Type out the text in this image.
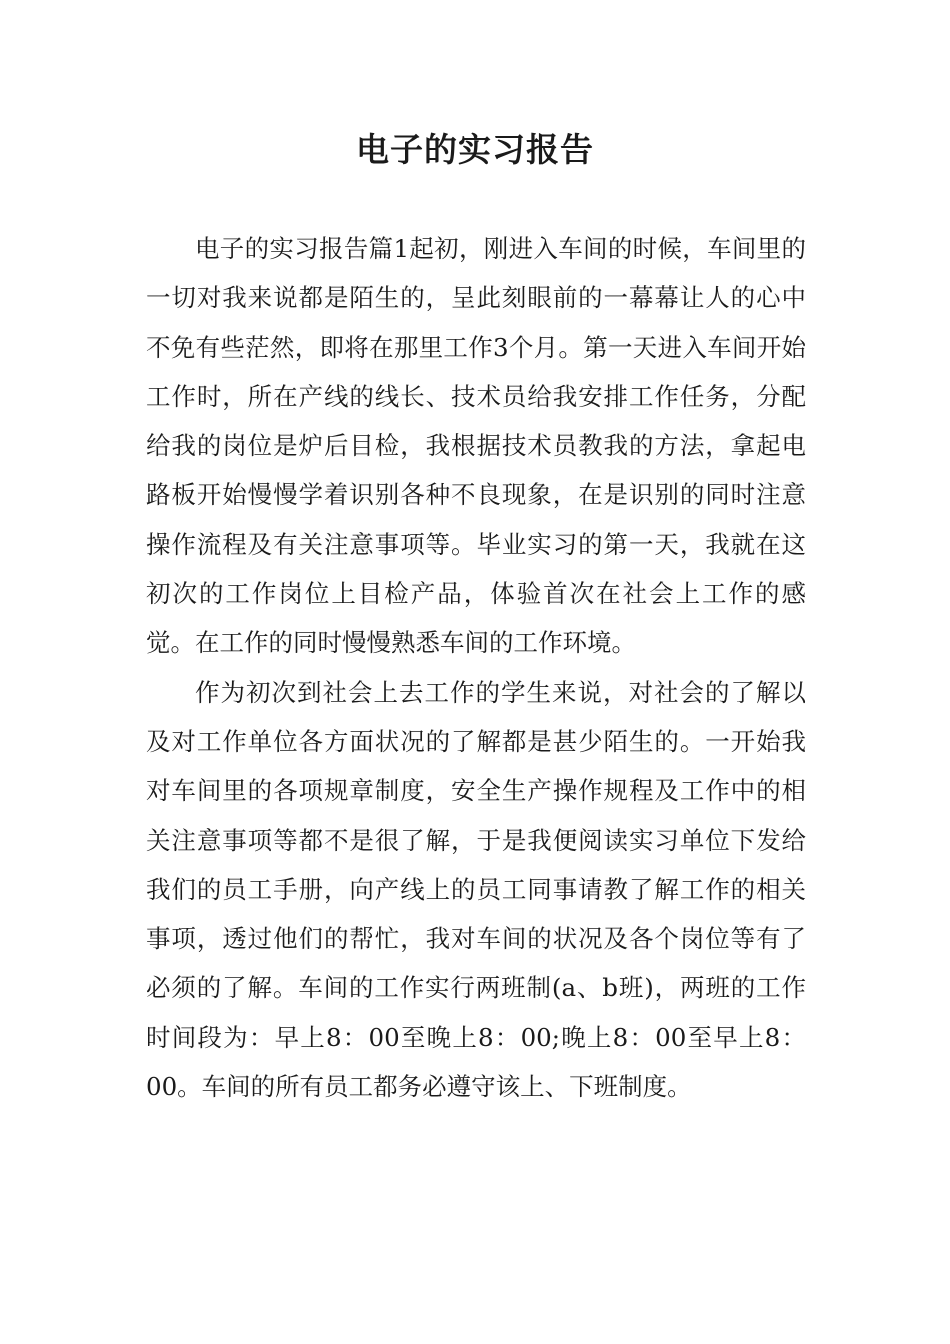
电子的实习报告

电子的实习报告篇1起初，刚进入车间的时候，车间里的一切对我来说都是陌生的，呈此刻眼前的一幕幕让人的心中不免有些茫然，即将在那里工作3个月。第一天进入车间开始工作时，所在产线的线长、技术员给我安排工作任务，分配给我的岗位是炉后目检，我根据技术员教我的方法，拿起电路板开始慢慢学着识别各种不良现象，在是识别的同时注意操作流程及有关注意事项等。毕业实习的第一天，我就在这初次的工作岗位上目检产品，体验首次在社会上工作的感觉。在工作的同时慢慢熟悉车间的工作环境。

作为初次到社会上去工作的学生来说，对社会的了解以及对工作单位各方面状况的了解都是甚少陌生的。一开始我对车间里的各项规章制度，安全生产操作规程及工作中的相关注意事项等都不是很了解，于是我便阅读实习单位下发给我们的员工手册，向产线上的员工同事请教了解工作的相关事项，透过他们的帮忙，我对车间的状况及各个岗位等有了必须的了解。车间的工作实行两班制(a、b班)，两班的工作时间段为：早上8：00至晚上8：00;晚上8：00至早上8：00。车间的所有员工都务必遵守该上、下班制度。
